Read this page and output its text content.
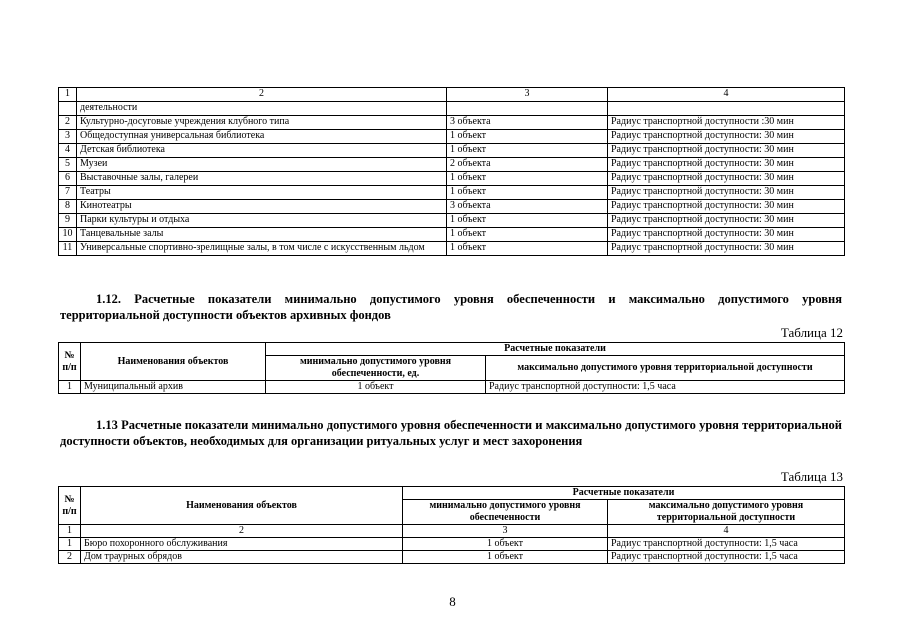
1	2	3	4
	деятельности		
2	Культурно-досуговые учреждения клубного типа	3 объекта	Радиус транспортной доступности :30 мин
3	Общедоступная универсальная библиотека	1 объект	Радиус транспортной доступности: 30 мин
4	Детская библиотека	1 объект	Радиус транспортной доступности: 30 мин
5	Музеи	2 объекта	Радиус транспортной доступности: 30 мин
6	Выставочные залы, галереи	1 объект	Радиус транспортной доступности: 30 мин
7	Театры	1 объект	Радиус транспортной доступности: 30 мин
8	Кинотеатры	3 объекта	Радиус транспортной доступности: 30 мин
9	Парки культуры и отдыха	1 объект	Радиус транспортной доступности: 30 мин
10	Танцевальные залы	1 объект	Радиус транспортной доступности: 30 мин
11	Универсальные спортивно-зрелищные залы, в том числе с искусственным льдом	1 объект	Радиус транспортной доступности: 30 мин
1.12. Расчетные показатели минимально допустимого уровня обеспеченности и максимально допустимого уровня территориальной доступности объектов архивных фондов
Таблица 12
№ п/п	Наименования объектов	Расчетные показатели	
		минимально допустимого уровня обеспеченности, ед.	максимально допустимого уровня территориальной доступности
1	Муниципальный архив	1 объект	Радиус транспортной доступности: 1,5 часа
1.13 Расчетные показатели минимально допустимого уровня обеспеченности и максимально допустимого уровня территориальной доступности объектов, необходимых для организации ритуальных услуг и мест захоронения
Таблица 13
№ п/п	Наименования объектов	Расчетные показатели	
		минимально допустимого уровня обеспеченности	максимально допустимого уровня территориальной доступности
1	2	3	4
1	Бюро похоронного обслуживания	1 объект	Радиус транспортной доступности: 1,5 часа
2	Дом траурных обрядов	1 объект	Радиус транспортной доступности: 1,5 часа
8
